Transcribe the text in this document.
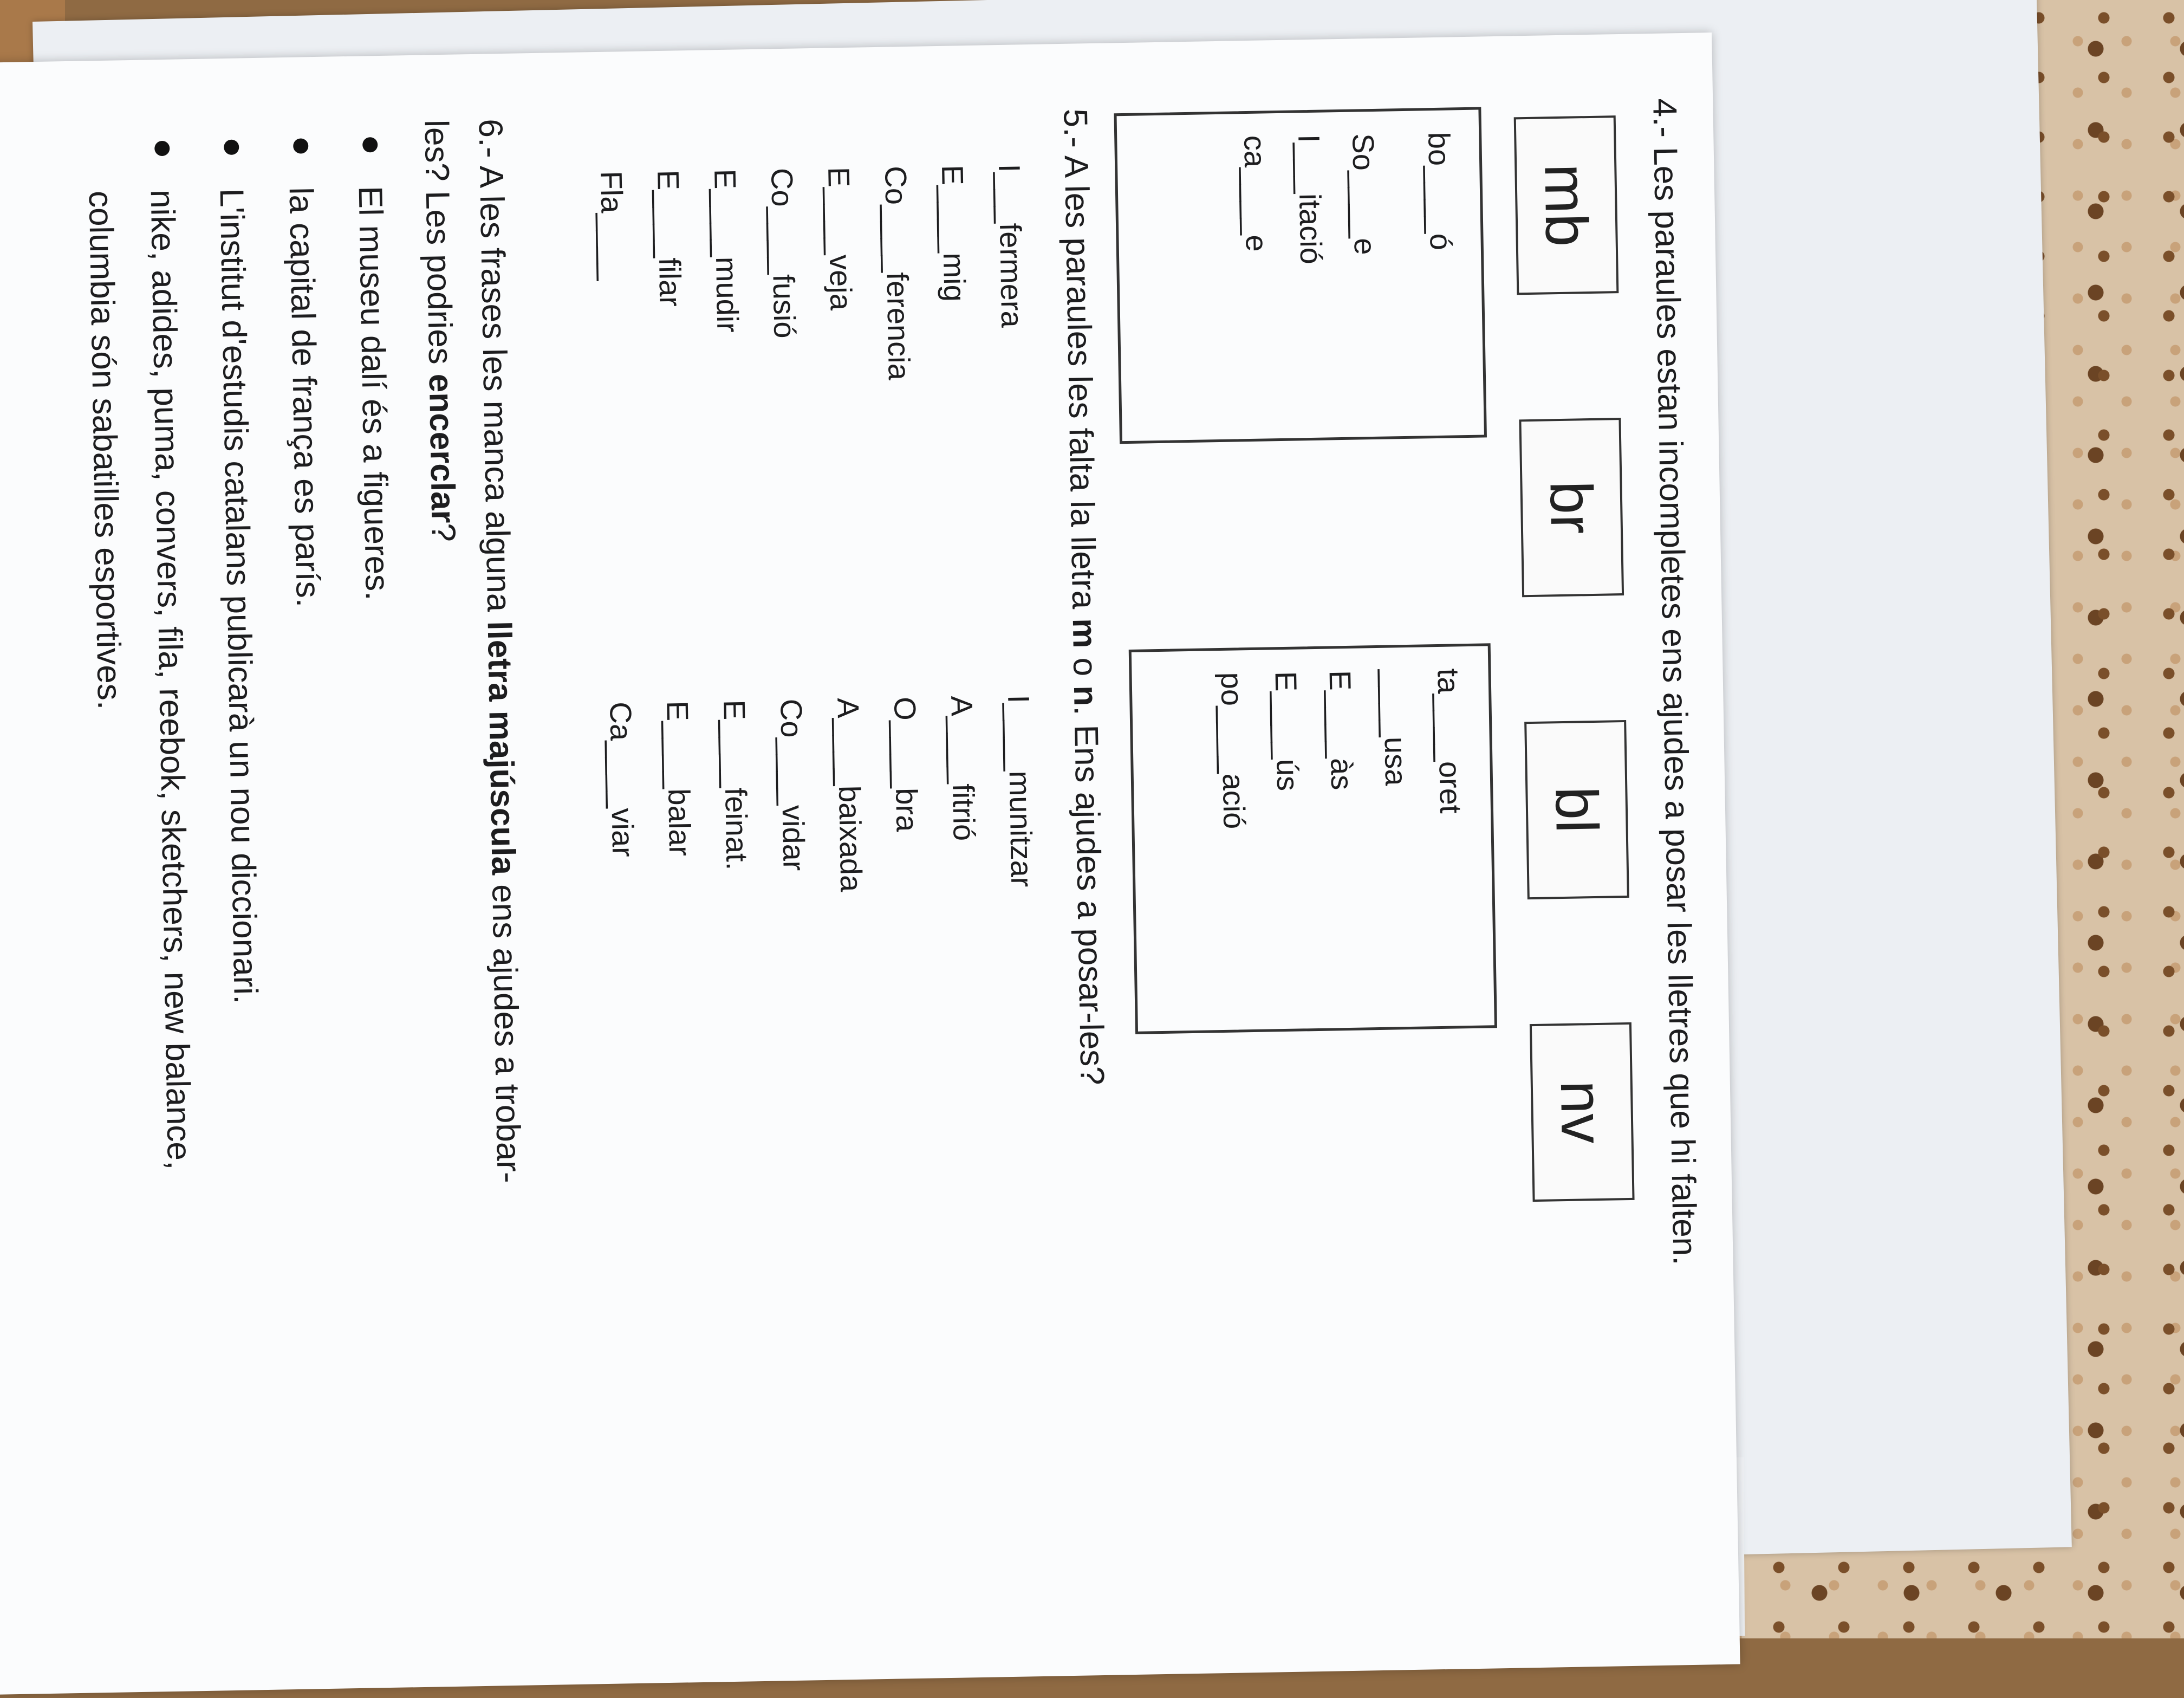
4.- Les paraules estan incompletes ens ajudes a posar les lletres que hi falten.

mb
br
bl
nv
bo____ó
So____e
I___itació
ca____e
ta____oret
____usa
E____às
E____ús
po____ació

5.- A les paraules les falta la lletra m o n. Ens ajudes a posar-les?

I___fermera
E____mig
Co____ferencia
E____veja
Co____fusió
E____mudir
E____filar
Fla____
I____munitzar
A____fitrió
O____bra
A____baixada
Co____vidar
E____feinat.
E____balar
Ca____viar

6.- A les frases les manca alguna lletra majúscula ens ajudes a trobar-

les? Les podries encerclar?

El museu dalí és a figueres.
la capital de frança es parís.
L'institut d'estudis catalans publicarà un nou diccionari.
nike, adides, puma, convers, fila, reebok, sketchers, new balance,

columbia són sabatilles esportives.
